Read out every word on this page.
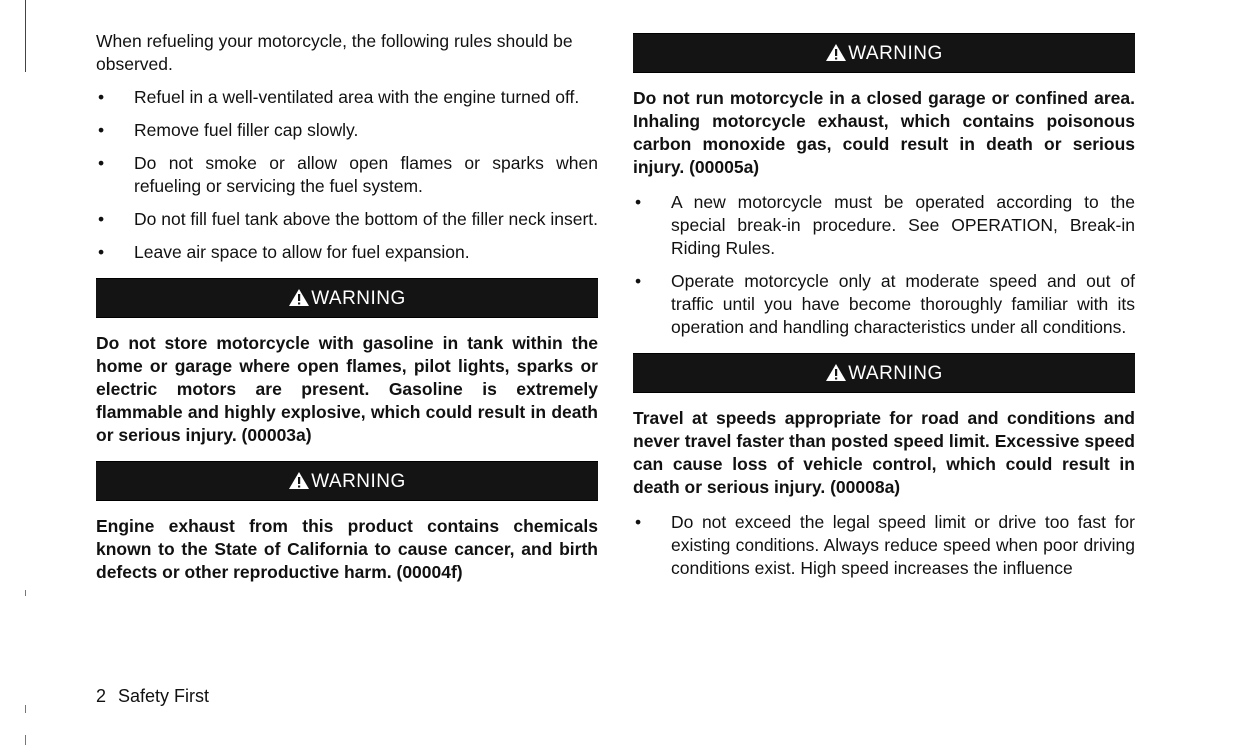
When refueling your motorcycle, the following rules should be observed.

• Refuel in a well-ventilated area with the engine turned off.
• Remove fuel filler cap slowly.
• Do not smoke or allow open flames or sparks when refueling or servicing the fuel system.
• Do not fill fuel tank above the bottom of the filler neck insert.
• Leave air space to allow for fuel expansion.
WARNING

Do not store motorcycle with gasoline in tank within the home or garage where open flames, pilot lights, sparks or electric motors are present. Gasoline is extremely flammable and highly explosive, which could result in death or serious injury. (00003a)

WARNING

Engine exhaust from this product contains chemicals known to the State of California to cause cancer, and birth defects or other reproductive harm. (00004f)

WARNING

Do not run motorcycle in a closed garage or confined area. Inhaling motorcycle exhaust, which contains poisonous carbon monoxide gas, could result in death or serious injury. (00005a)

• A new motorcycle must be operated according to the special break-in procedure. See OPERATION, Break-in Riding Rules.
• Operate motorcycle only at moderate speed and out of traffic until you have become thoroughly familiar with its operation and handling characteristics under all conditions.
WARNING

Travel at speeds appropriate for road and conditions and never travel faster than posted speed limit. Excessive speed can cause loss of vehicle control, which could result in death or serious injury. (00008a)

• Do not exceed the legal speed limit or drive too fast for existing conditions. Always reduce speed when poor driving conditions exist. High speed increases the influence
2 Safety First
